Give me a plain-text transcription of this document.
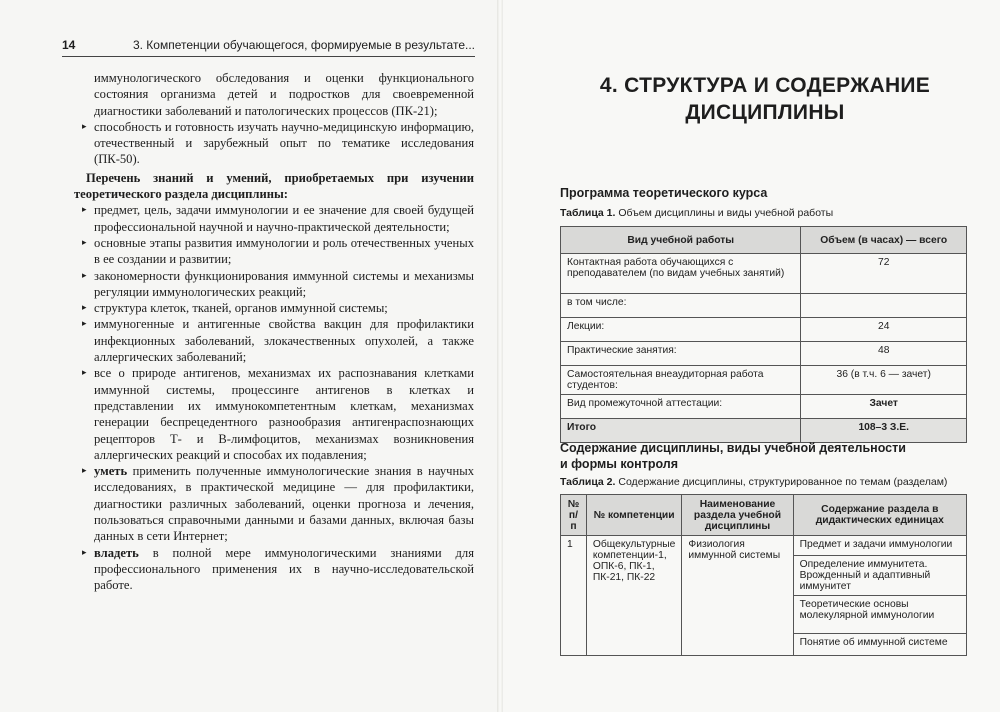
14	3. Компетенции обучающегося, формируемые в результате...

иммунологического обследования и оценки функционального состояния организма детей и подростков для своевременной диагностики заболеваний и патологических процессов (ПК-21);

▸ способность и готовность изучать научно-медицинскую информацию, отечественный и зарубежный опыт по тематике исследования (ПК-50).

Перечень знаний и умений, приобретаемых при изучении теоретического раздела дисциплины:

▸ предмет, цель, задачи иммунологии и ее значение для своей будущей профессиональной научной и научно-практической деятельности;

▸ основные этапы развития иммунологии и роль отечественных ученых в ее создании и развитии;

▸ закономерности функционирования иммунной системы и механизмы регуляции иммунологических реакций;

▸ структура клеток, тканей, органов иммунной системы;

▸ иммуногенные и антигенные свойства вакцин для профилактики инфекционных заболеваний, злокачественных опухолей, а также аллергических заболеваний;

▸ все о природе антигенов, механизмах их распознавания клетками иммунной системы, процессинге антигенов в клетках и представлении их иммунокомпетентным клеткам, механизмах генерации беспрецедентного разнообразия антигенраспознающих рецепторов Т- и В-лимфоцитов, механизмах возникновения аллергических реакций и способах их подавления;

▸ уметь применить полученные иммунологические знания в научных исследованиях, в практической медицине — для профилактики, диагностики различных заболеваний, оценки прогноза и лечения, пользоваться справочными данными и базами данных, включая базы данных в сети Интернет;

▸ владеть в полной мере иммунологическими знаниями для профессионального применения их в научно-исследовательской работе.

4. СТРУКТУРА И СОДЕРЖАНИЕ
ДИСЦИПЛИНЫ
Программа теоретического курса
Таблица 1. Объем дисциплины и виды учебной работы
Вид учебной работы	Объем (в часах) — всего
Контактная работа обучающихся с преподавателем (по видам учебных занятий)	72
в том числе:	
Лекции:	24
Практические занятия:	48
Самостоятельная внеаудиторная работа студентов:	36 (в т.ч. 6 — зачет)
Вид промежуточной аттестации:	Зачет
Итого	108–3 З.Е.
Содержание дисциплины, виды учебной деятельности
и формы контроля
Таблица 2. Содержание дисциплины, структурированное по темам (разделам)
№ п/п	№ компетенции	Наименование раздела учебной дисциплины	Содержание раздела в дидактических единицах
1	Общекультурные компетенции-1, ОПК-6, ПК-1, ПК-21, ПК-22	Физиология иммунной системы	Предмет и задачи иммунологии
			Определение иммунитета. Врожденный и адаптивный иммунитет
			Теоретические основы молекулярной иммунологии
			Понятие об иммунной системе
